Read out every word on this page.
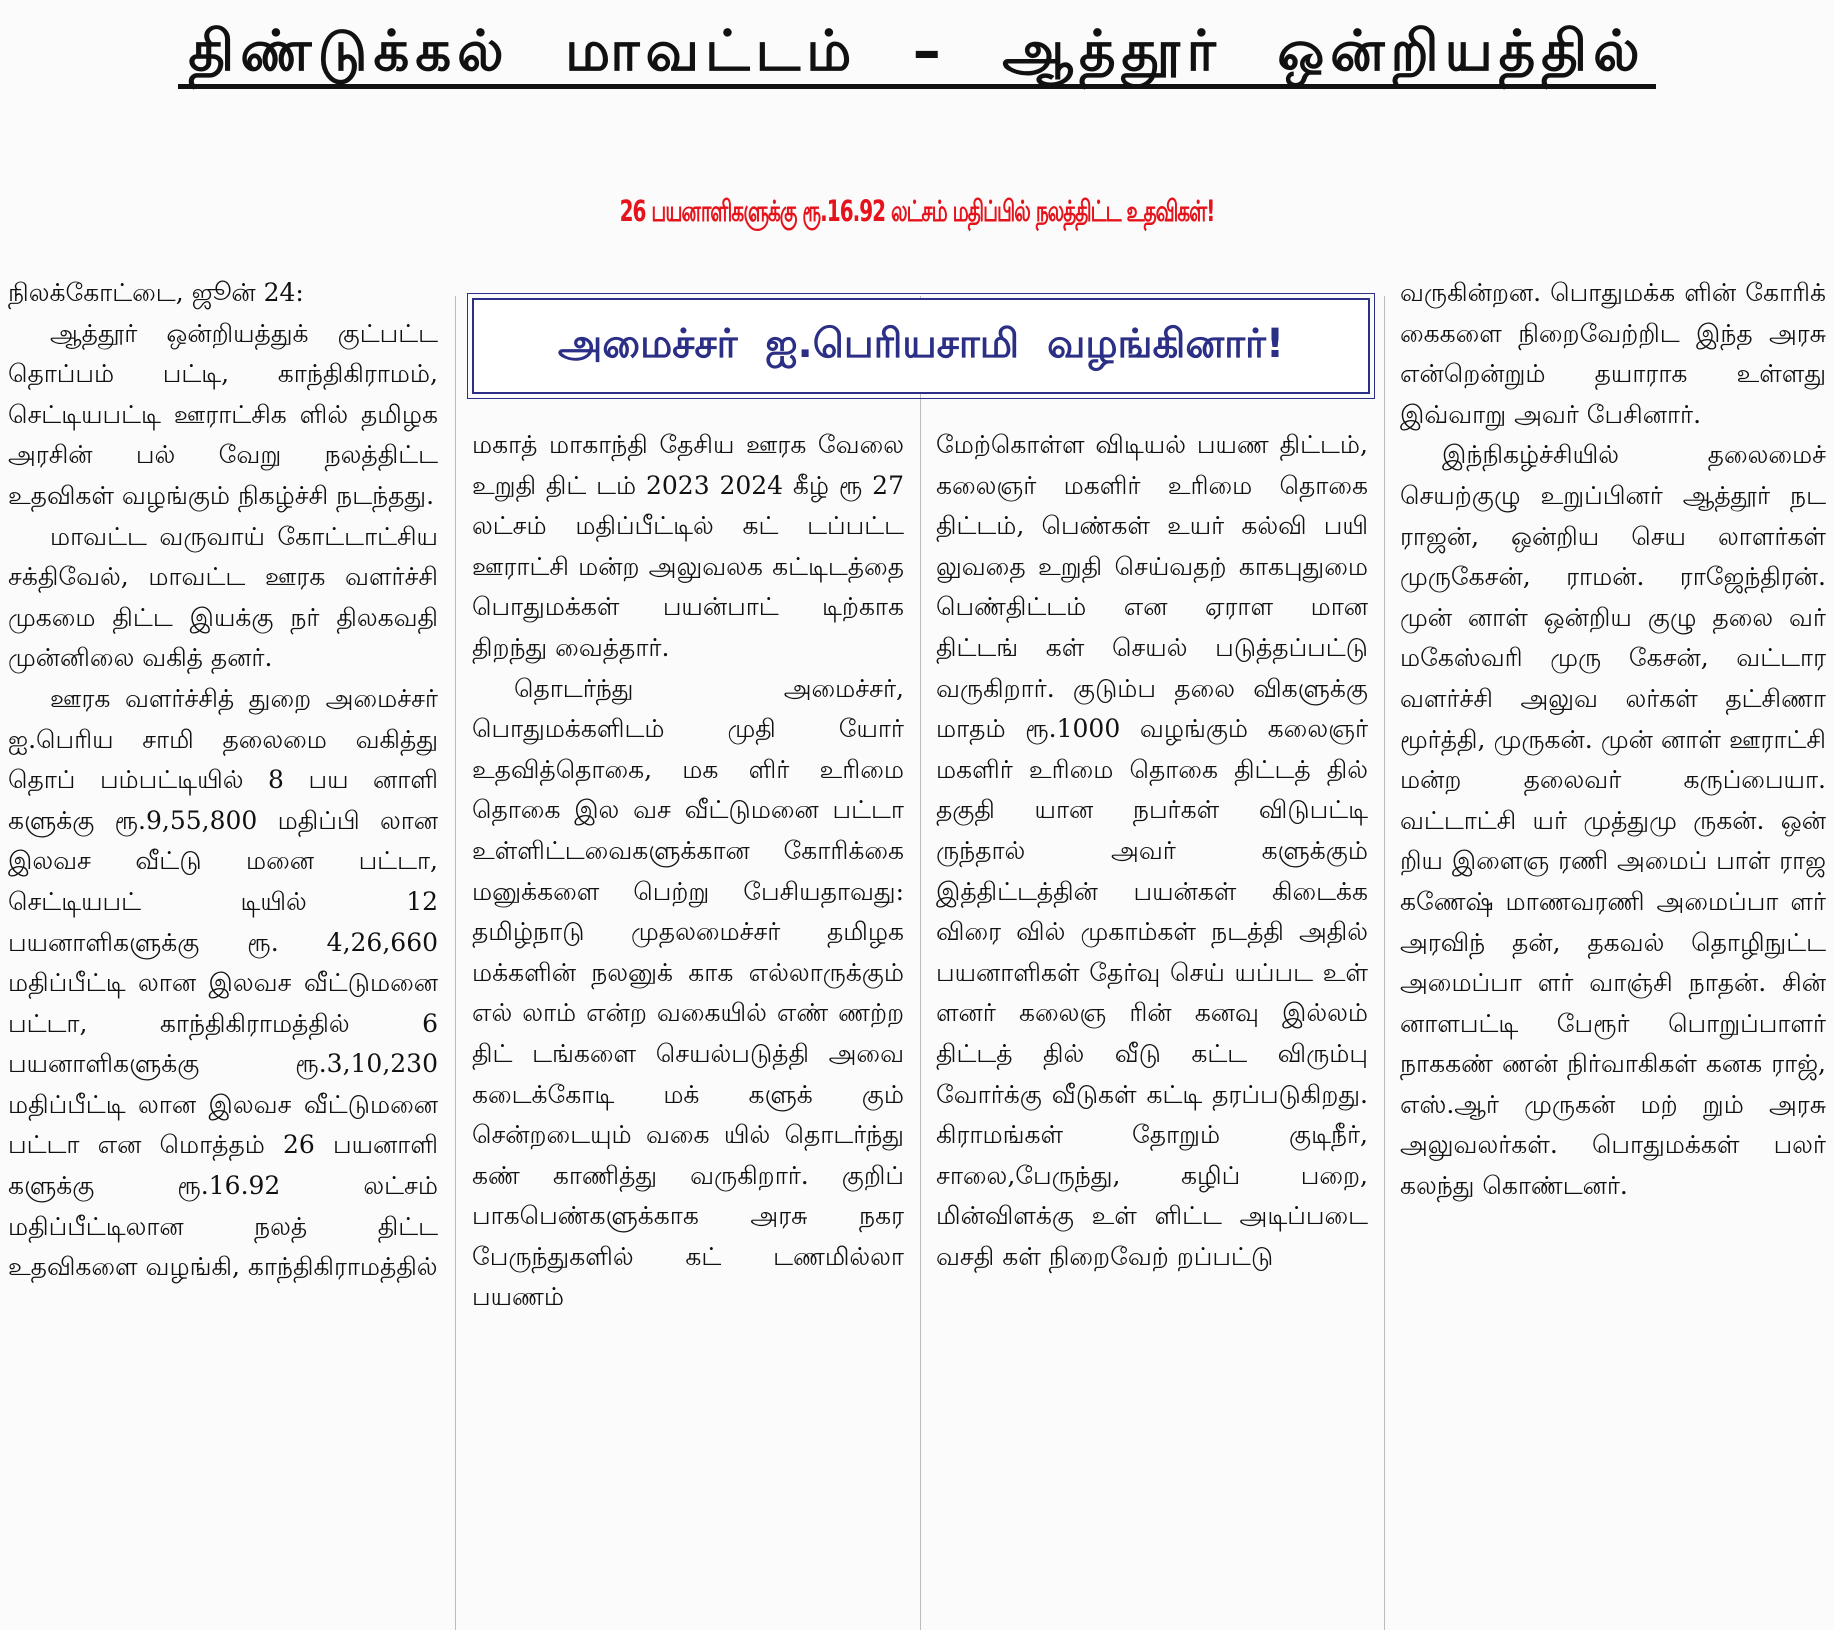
திண்டுக்கல் மாவட்டம் – ஆத்தூர் ஒன்றியத்தில்
26 பயனாளிகளுக்கு ரூ.16.92 லட்சம் மதிப்பில் நலத்திட்ட உதவிகள்!
அமைச்சர் ஐ.பெரியசாமி வழங்கினார்!

நிலக்கோட்டை, ஜூன் 24:

ஆத்தூர் ஒன்றியத்துக் குட்பட்ட தொப்பம் பட்டி, காந்திகிராமம், செட்டியபட்டி ஊராட்சிக ளில் தமிழக அரசின் பல் வேறு நலத்திட்ட உதவிகள் வழங்கும் நிகழ்ச்சி நடந்தது.

மாவட்ட வருவாய் கோட்டாட்சிய சக்திவேல், மாவட்ட ஊரக வளர்ச்சி முகமை திட்ட இயக்கு நர் திலகவதி முன்னிலை வகித் தனர்.

ஊரக வளர்ச்சித் துறை அமைச்சர் ஐ.பெரிய சாமி தலைமை வகித்து தொப் பம்பட்டியில் 8 பய னாளி களுக்கு ரூ.9,55,800 மதிப்பி லான இலவச வீட்டு மனை பட்டா, செட்டியபட் டியில் 12 பயனாளிகளுக்கு ரூ. 4,26,660 மதிப்பீட்டி லான இலவச வீட்டுமனை பட்டா, காந்திகிராமத்தில் 6 பயனாளிகளுக்கு ரூ.3,10,230 மதிப்பீட்டி லான இலவச வீட்டுமனை பட்டா என மொத்தம் 26 பயனாளி களுக்கு ரூ.16.92 லட்சம் மதிப்பீட்டிலான நலத் திட்ட உதவிகளை வழங்கி, காந்திகிராமத்தில்

மகாத் மாகாந்தி தேசிய ஊரக வேலை உறுதி திட் டம் 2023 2024 கீழ் ரூ 27 லட்சம் மதிப்பீட்டில் கட் டப்பட்ட ஊராட்சி மன்ற அலுவலக கட்டிடத்தை பொதுமக்கள் பயன்பாட் டிற்காக திறந்து வைத்தார்.

தொடர்ந்து அமைச்சர், பொதுமக்களிடம் முதி யோர் உதவித்தொகை, மக ளிர் உரிமை தொகை இல வச வீட்டுமனை பட்டா உள்ளிட்டவைகளுக்கான கோரிக்கை மனுக்களை பெற்று பேசியதாவது: தமிழ்நாடு முதலமைச்சர் தமிழக மக்களின் நலனுக் காக எல்லாருக்கும் எல் லாம் என்ற வகையில் எண் ணற்ற திட் டங்களை செயல்படுத்தி அவை கடைக்கோடி மக் களுக் கும் சென்றடையும் வகை யில் தொடர்ந்து கண் காணித்து வருகிறார். குறிப் பாகபெண்களுக்காக அரசு நகர பேருந்துகளில் கட் டணமில்லா பயணம்

மேற்கொள்ள விடியல் பயண திட்டம், கலைஞர் மகளிர் உரிமை தொகை திட்டம், பெண்கள் உயர் கல்வி பயி லுவதை உறுதி செய்வதற் காகபுதுமை பெண்திட்டம் என ஏராள மான திட்டங் கள் செயல் படுத்தப்பட்டு வருகிறார். குடும்ப தலை விகளுக்கு மாதம் ரூ.1000 வழங்கும் கலைஞர் மகளிர் உரிமை தொகை திட்டத் தில் தகுதி யான நபர்கள் விடுபட்டி ருந்தால் அவர் களுக்கும் இத்திட்டத்தின் பயன்கள் கிடைக்க விரை வில் முகாம்கள் நடத்தி அதில் பயனாளிகள் தேர்வு செய் யப்பட உள் ளனர் கலைஞ ரின் கனவு இல்லம் திட்டத் தில் வீடு கட்ட விரும்பு வோர்க்கு வீடுகள் கட்டி தரப்படுகிறது. கிராமங்கள் தோறும் குடிநீர், சாலை,பேருந்து, கழிப் பறை, மின்விளக்கு உள் ளிட்ட அடிப்படை வசதி கள் நிறைவேற் றப்பட்டு

வருகின்றன. பொதுமக்க ளின் கோரிக் கைகளை நிறைவேற்றிட இந்த அரசு என்றென்றும் தயாராக உள்ளது இவ்வாறு அவர் பேசினார்.

இந்நிகழ்ச்சியில் தலைமைச் செயற்குழு உறுப்பினர் ஆத்தூர் நட ராஜன், ஒன்றிய செய லாளர்கள் முருகேசன், ராமன். ராஜேந்திரன். முன் னாள் ஒன்றிய குழு தலை வர் மகேஸ்வரி முரு கேசன், வட்டார வளர்ச்சி அலுவ லர்கள் தட்சிணா மூர்த்தி, முருகன். முன் னாள் ஊராட்சி மன்ற தலைவர் கருப்பையா. வட்டாட்சி யர் முத்துமு ருகன். ஒன் றிய இளைஞ ரணி அமைப் பாள் ராஜ கணேஷ் மாணவரணி அமைப்பா ளர் அரவிந் தன், தகவல் தொழிநுட்ட அமைப்பா ளர் வாஞ்சி நாதன். சின் னாளபட்டி பேரூர் பொறுப்பாளர் நாககண் ணன் நிர்வாகிகள் கனக ராஜ், எஸ்.ஆர் முருகன் மற் றும் அரசு அலுவலர்கள். பொதுமக்கள் பலர் கலந்து கொண்டனர்.
